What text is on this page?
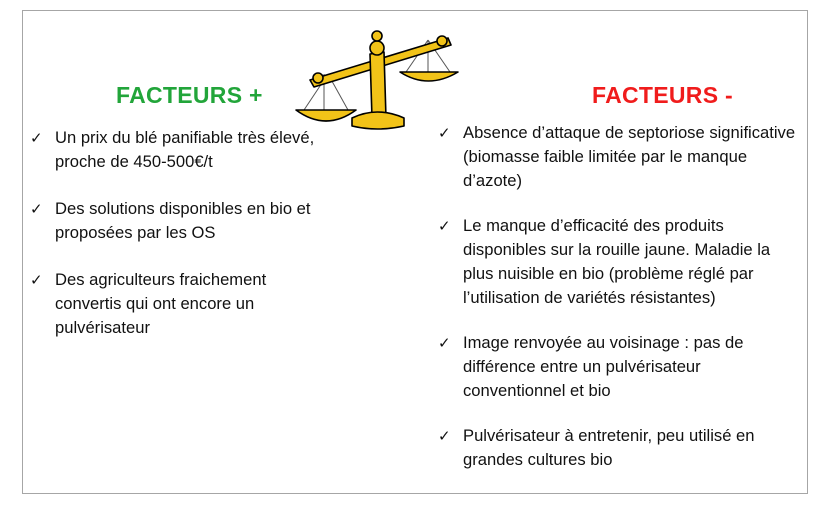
FACTEURS +
✓ Un prix du blé panifiable très élevé, proche de 450-500€/t
✓ Des solutions disponibles en bio et proposées par les OS
✓ Des agriculteurs fraichement convertis qui ont encore un pulvérisateur
FACTEURS -
✓ Absence d’attaque de septoriose significative (biomasse faible limitée par le manque d’azote)
✓ Le manque d’efficacité des produits disponibles sur la rouille jaune. Maladie la plus nuisible en bio (problème réglé par l’utilisation de variétés résistantes)
✓ Image renvoyée au voisinage : pas de différence entre un pulvérisateur conventionnel et bio
✓ Pulvérisateur à entretenir, peu utilisé en grandes cultures bio
